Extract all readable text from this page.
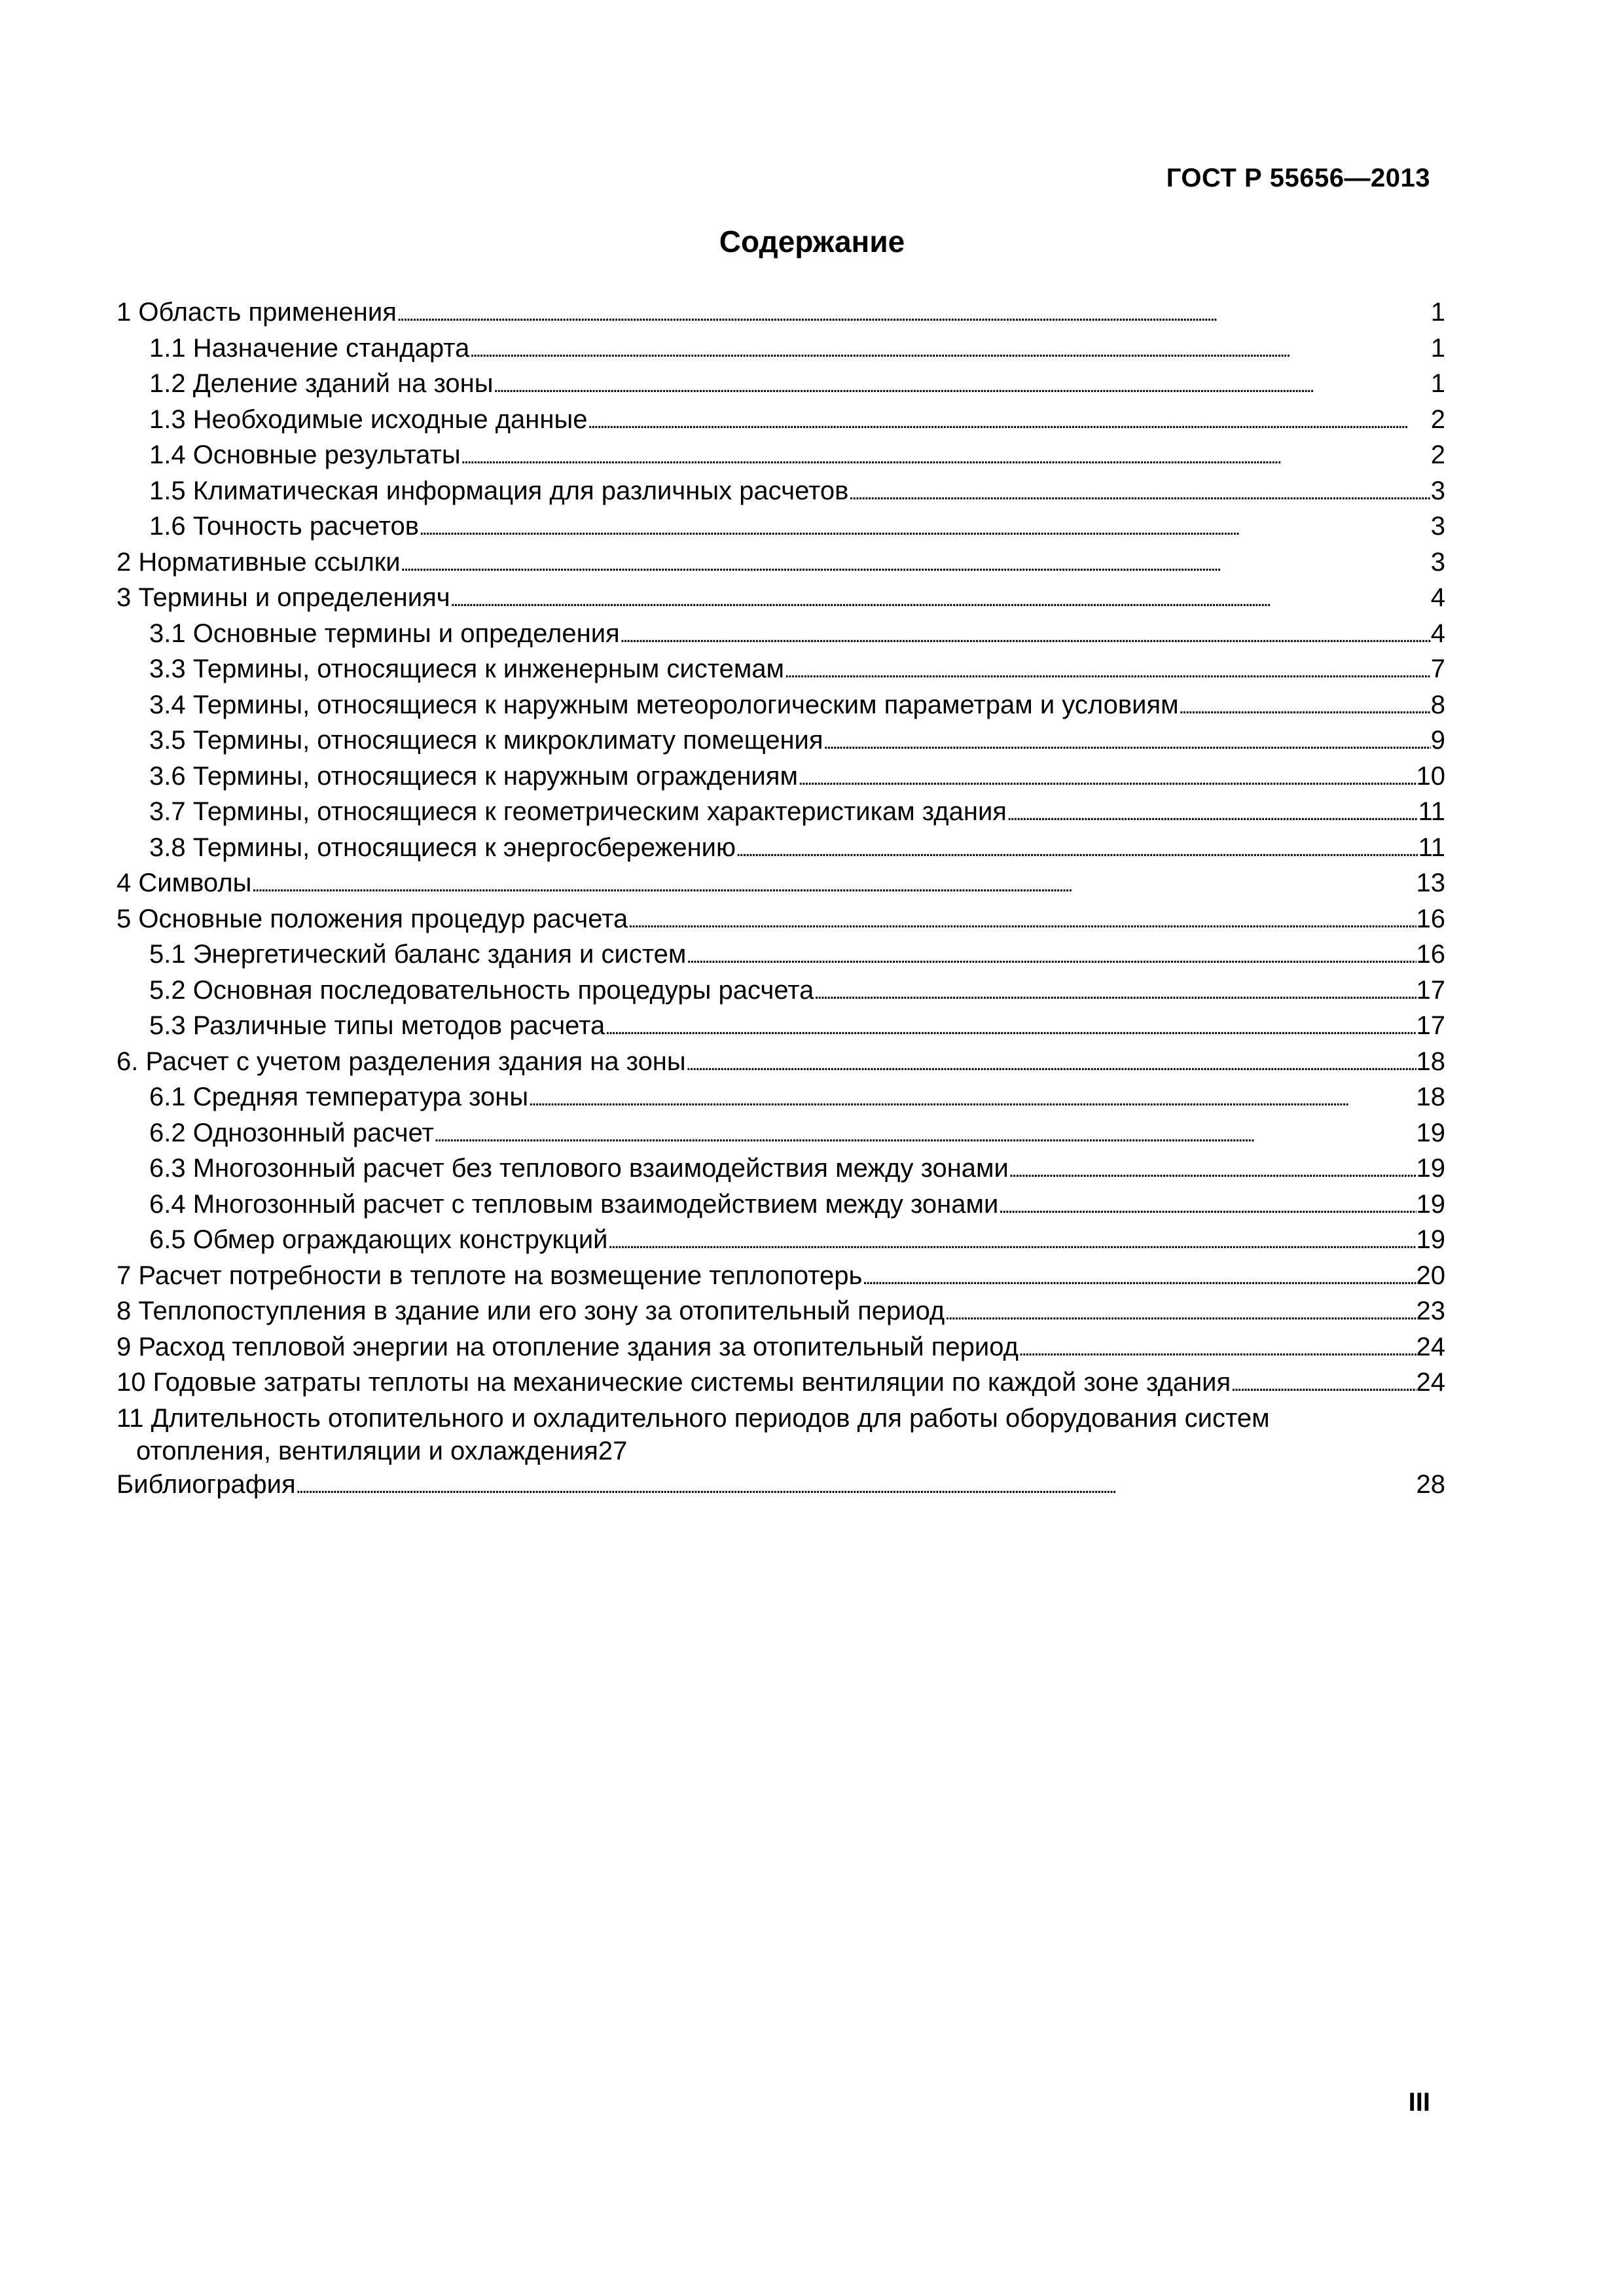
ГОСТ Р 55656—2013
Содержание
1 Область применения . . .	1
1.1 Назначение стандарта . . .	1
1.2 Деление зданий на зоны . . .	1
1.3 Необходимые исходные данные . . .	2
1.4 Основные результаты . . .	2
1.5 Климатическая информация для различных расчетов . . .	3
1.6 Точность расчетов . . .	3
2 Нормативные ссылки . . .	3
3 Термины и определенияч . . .	4
3.1 Основные термины и определения . . .	4
3.3 Термины, относящиеся к инженерным системам . . .	7
3.4 Термины, относящиеся к наружным метеорологическим параметрам и условиям . . .	8
3.5 Термины, относящиеся к микроклимату помещения . . .	9
3.6 Термины, относящиеся к наружным ограждениям . . .	10
3.7 Термины, относящиеся к геометрическим характеристикам здания . . .	11
3.8 Термины, относящиеся к энергосбережению . . .	11
4 Символы . . .	13
5 Основные положения процедур расчета . . .	16
5.1 Энергетический баланс здания и систем . . .	16
5.2 Основная последовательность процедуры расчета . . .	17
5.3 Различные типы методов расчета . . .	17
6. Расчет с учетом разделения здания на зоны . . .	18
6.1 Средняя температура зоны . . .	18
6.2 Однозонный расчет . . .	19
6.3 Многозонный расчет без теплового взаимодействия между зонами . . .	19
6.4 Многозонный расчет с тепловым взаимодействием между зонами . . .	19
6.5 Обмер ограждающих конструкций . . .	19
7 Расчет потребности в теплоте на возмещение теплопотерь . . .	20
8 Теплопоступления в здание или его зону за отопительный период . . .	23
9 Расход тепловой энергии на отопление здания за отопительный период . . .	24
10 Годовые затраты теплоты на механические системы вентиляции по каждой зоне здания . . .	24
11 Длительность отопительного и охладительного периодов для работы оборудования систем
отопления, вентиляции и охлаждения 27
Библиография . . .	28
III
